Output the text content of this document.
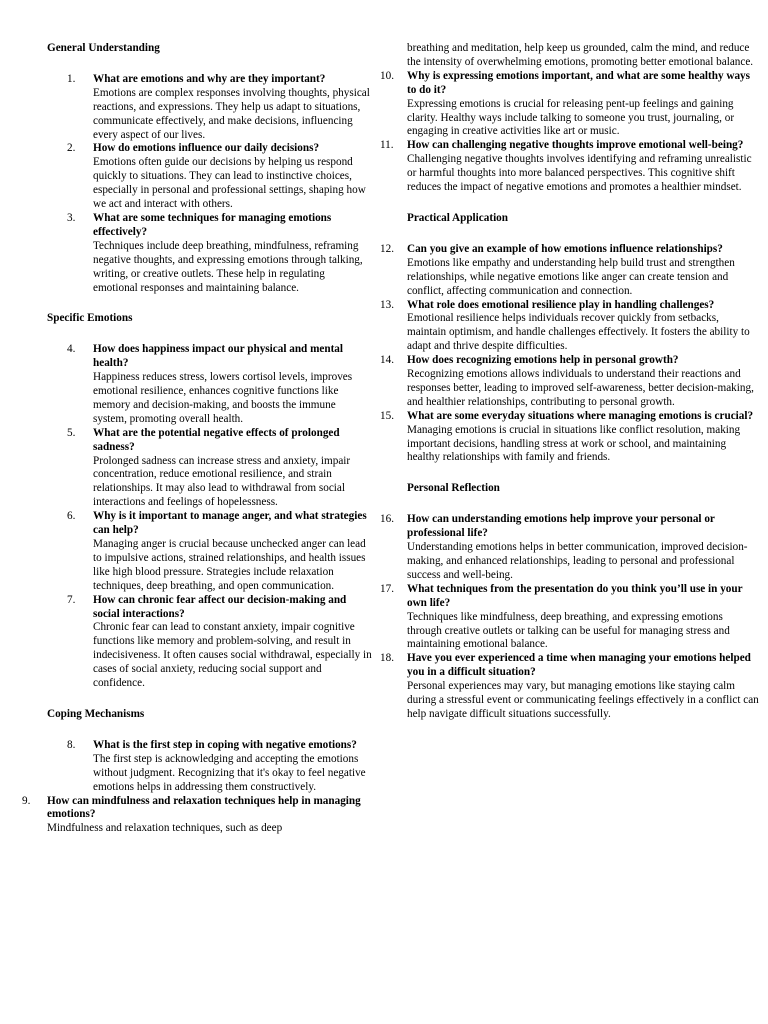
General Understanding
1.	What are emotions and why are they important?
Emotions are complex responses involving thoughts, physical reactions, and expressions. They help us adapt to situations, communicate effectively, and make decisions, influencing every aspect of our lives.
2.	How do emotions influence our daily decisions?
Emotions often guide our decisions by helping us respond quickly to situations. They can lead to instinctive choices, especially in personal and professional settings, shaping how we act and interact with others.
3.	What are some techniques for managing emotions effectively?
Techniques include deep breathing, mindfulness, reframing negative thoughts, and expressing emotions through talking, writing, or creative outlets. These help in regulating emotional responses and maintaining balance.
Specific Emotions
4.	How does happiness impact our physical and mental health?
Happiness reduces stress, lowers cortisol levels, improves emotional resilience, enhances cognitive functions like memory and decision-making, and boosts the immune system, promoting overall health.
5.	What are the potential negative effects of prolonged sadness?
Prolonged sadness can increase stress and anxiety, impair concentration, reduce emotional resilience, and strain relationships. It may also lead to withdrawal from social interactions and feelings of hopelessness.
6.	Why is it important to manage anger, and what strategies can help?
Managing anger is crucial because unchecked anger can lead to impulsive actions, strained relationships, and health issues like high blood pressure. Strategies include relaxation techniques, deep breathing, and open communication.
7.	How can chronic fear affect our decision-making and social interactions?
Chronic fear can lead to constant anxiety, impair cognitive functions like memory and problem-solving, and result in indecisiveness. It often causes social withdrawal, especially in cases of social anxiety, reducing social support and confidence.
Coping Mechanisms
8.	What is the first step in coping with negative emotions?
The first step is acknowledging and accepting the emotions without judgment. Recognizing that it's okay to feel negative emotions helps in addressing them constructively.
9.	How can mindfulness and relaxation techniques help in managing emotions?
Mindfulness and relaxation techniques, such as deep
breathing and meditation, help keep us grounded, calm the mind, and reduce the intensity of overwhelming emotions, promoting better emotional balance.
10.	Why is expressing emotions important, and what are some healthy ways to do it?
Expressing emotions is crucial for releasing pent-up feelings and gaining clarity. Healthy ways include talking to someone you trust, journaling, or engaging in creative activities like art or music.
11.	How can challenging negative thoughts improve emotional well-being?
Challenging negative thoughts involves identifying and reframing unrealistic or harmful thoughts into more balanced perspectives. This cognitive shift reduces the impact of negative emotions and promotes a healthier mindset.
Practical Application
12.	Can you give an example of how emotions influence relationships?
Emotions like empathy and understanding help build trust and strengthen relationships, while negative emotions like anger can create tension and conflict, affecting communication and connection.
13.	What role does emotional resilience play in handling challenges?
Emotional resilience helps individuals recover quickly from setbacks, maintain optimism, and handle challenges effectively. It fosters the ability to adapt and thrive despite difficulties.
14.	How does recognizing emotions help in personal growth?
Recognizing emotions allows individuals to understand their reactions and responses better, leading to improved self-awareness, better decision-making, and healthier relationships, contributing to personal growth.
15.	What are some everyday situations where managing emotions is crucial?
Managing emotions is crucial in situations like conflict resolution, making important decisions, handling stress at work or school, and maintaining healthy relationships with family and friends.
Personal Reflection
16.	How can understanding emotions help improve your personal or professional life?
Understanding emotions helps in better communication, improved decision-making, and enhanced relationships, leading to personal and professional success and well-being.
17.	What techniques from the presentation do you think you’ll use in your own life?
Techniques like mindfulness, deep breathing, and expressing emotions through creative outlets or talking can be useful for managing stress and maintaining emotional balance.
18.	Have you ever experienced a time when managing your emotions helped you in a difficult situation?
Personal experiences may vary, but managing emotions like staying calm during a stressful event or communicating feelings effectively in a conflict can help navigate difficult situations successfully.
